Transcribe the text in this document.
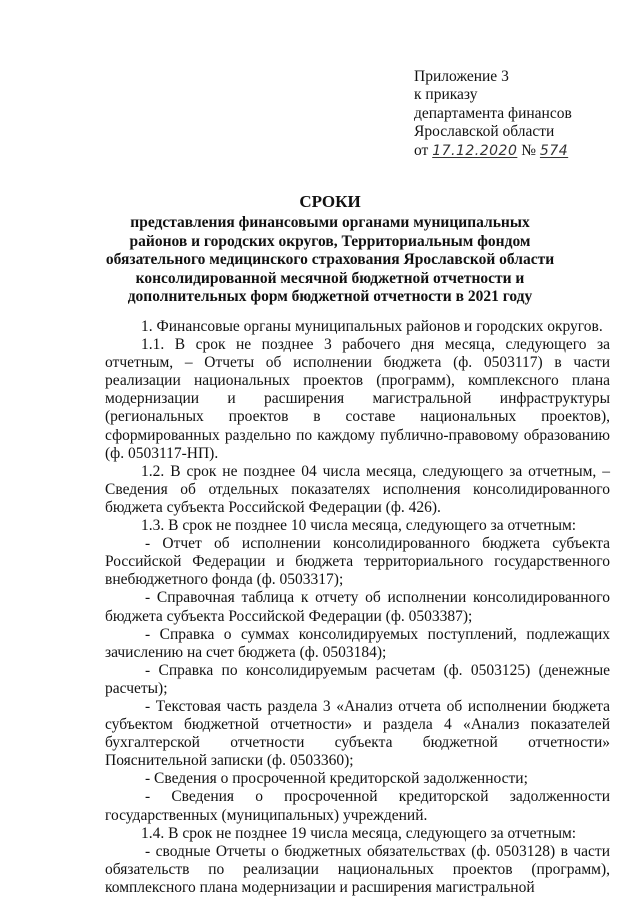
Приложение 3
к приказу
департамента финансов
Ярославской области
от 17.12.2020 № 574
СРОКИ
представления финансовыми органами муниципальных районов и городских округов, Территориальным фондом обязательного медицинского страхования Ярославской области консолидированной месячной бюджетной отчетности и дополнительных форм бюджетной отчетности в 2021 году

1. Финансовые органы муниципальных районов и городских округов.

1.1. В срок не позднее 3 рабочего дня месяца, следующего за отчетным, – Отчеты об исполнении бюджета (ф. 0503117) в части реализации национальных проектов (программ), комплексного плана модернизации и расширения магистральной инфраструктуры (региональных проектов в составе национальных проектов), сформированных раздельно по каждому публично-правовому образованию (ф. 0503117-НП).

1.2. В срок не позднее 04 числа месяца, следующего за отчетным, – Сведения об отдельных показателях исполнения консолидированного бюджета субъекта Российской Федерации (ф. 426).

1.3. В срок не позднее 10 числа месяца, следующего за отчетным:

- Отчет об исполнении консолидированного бюджета субъекта Российской Федерации и бюджета территориального государственного внебюджетного фонда (ф. 0503317);

- Справочная таблица к отчету об исполнении консолидированного бюджета субъекта Российской Федерации (ф. 0503387);

- Справка о суммах консолидируемых поступлений, подлежащих зачислению на счет бюджета (ф. 0503184);

- Справка по консолидируемым расчетам (ф. 0503125) (денежные расчеты);

- Текстовая часть раздела 3 «Анализ отчета об исполнении бюджета субъектом бюджетной отчетности» и раздела 4 «Анализ показателей бухгалтерской отчетности субъекта бюджетной отчетности» Пояснительной записки (ф. 0503360);

- Сведения о просроченной кредиторской задолженности;

- Сведения о просроченной кредиторской задолженности государственных (муниципальных) учреждений.

1.4. В срок не позднее 19 числа месяца, следующего за отчетным:

- сводные Отчеты о бюджетных обязательствах (ф. 0503128) в части обязательств по реализации национальных проектов (программ), комплексного плана модернизации и расширения магистральной
